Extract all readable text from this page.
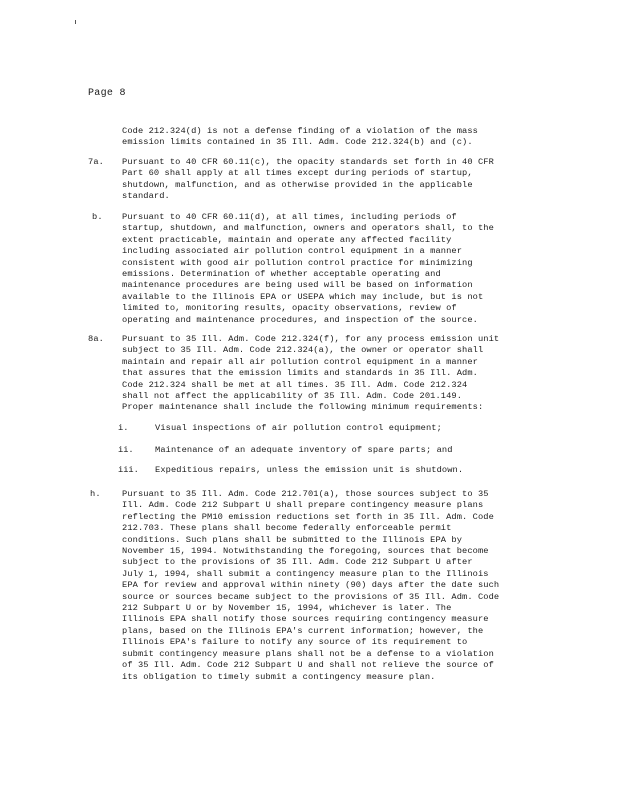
Page 8
Code 212.324(d) is not a defense finding of a violation of the mass
emission limits contained in 35 Ill. Adm. Code 212.324(b) and (c).
7a. Pursuant to 40 CFR 60.11(c), the opacity standards set forth in 40 CFR
Part 60 shall apply at all times except during periods of startup,
shutdown, malfunction, and as otherwise provided in the applicable
standard.
b. Pursuant to 40 CFR 60.11(d), at all times, including periods of
startup, shutdown, and malfunction, owners and operators shall, to the
extent practicable, maintain and operate any affected facility
including associated air pollution control equipment in a manner
consistent with good air pollution control practice for minimizing
emissions. Determination of whether acceptable operating and
maintenance procedures are being used will be based on information
available to the Illinois EPA or USEPA which may include, but is not
limited to, monitoring results, opacity observations, review of
operating and maintenance procedures, and inspection of the source.
8a. Pursuant to 35 Ill. Adm. Code 212.324(f), for any process emission unit
subject to 35 Ill. Adm. Code 212.324(a), the owner or operator shall
maintain and repair all air pollution control equipment in a manner
that assures that the emission limits and standards in 35 Ill. Adm.
Code 212.324 shall be met at all times. 35 Ill. Adm. Code 212.324
shall not affect the applicability of 35 Ill. Adm. Code 201.149.
Proper maintenance shall include the following minimum requirements:
i.	Visual inspections of air pollution control equipment;
ii. Maintenance of an adequate inventory of spare parts; and
iii. Expeditious repairs, unless the emission unit is shutdown.
h. Pursuant to 35 Ill. Adm. Code 212.701(a), those sources subject to 35
Ill. Adm. Code 212 Subpart U shall prepare contingency measure plans
reflecting the PM10 emission reductions set forth in 35 Ill. Adm. Code
212.703. These plans shall become federally enforceable permit
conditions. Such plans shall be submitted to the Illinois EPA by
November 15, 1994. Notwithstanding the foregoing, sources that become
subject to the provisions of 35 Ill. Adm. Code 212 Subpart U after
July 1, 1994, shall submit a contingency measure plan to the Illinois
EPA for review and approval within ninety (90) days after the date such
source or sources became subject to the provisions of 35 Ill. Adm. Code
212 Subpart U or by November 15, 1994, whichever is later. The
Illinois EPA shall notify those sources requiring contingency measure
plans, based on the Illinois EPA's current information; however, the
Illinois EPA's failure to notify any source of its requirement to
submit contingency measure plans shall not be a defense to a violation
of 35 Ill. Adm. Code 212 Subpart U and shall not relieve the source of
its obligation to timely submit a contingency measure plan.
